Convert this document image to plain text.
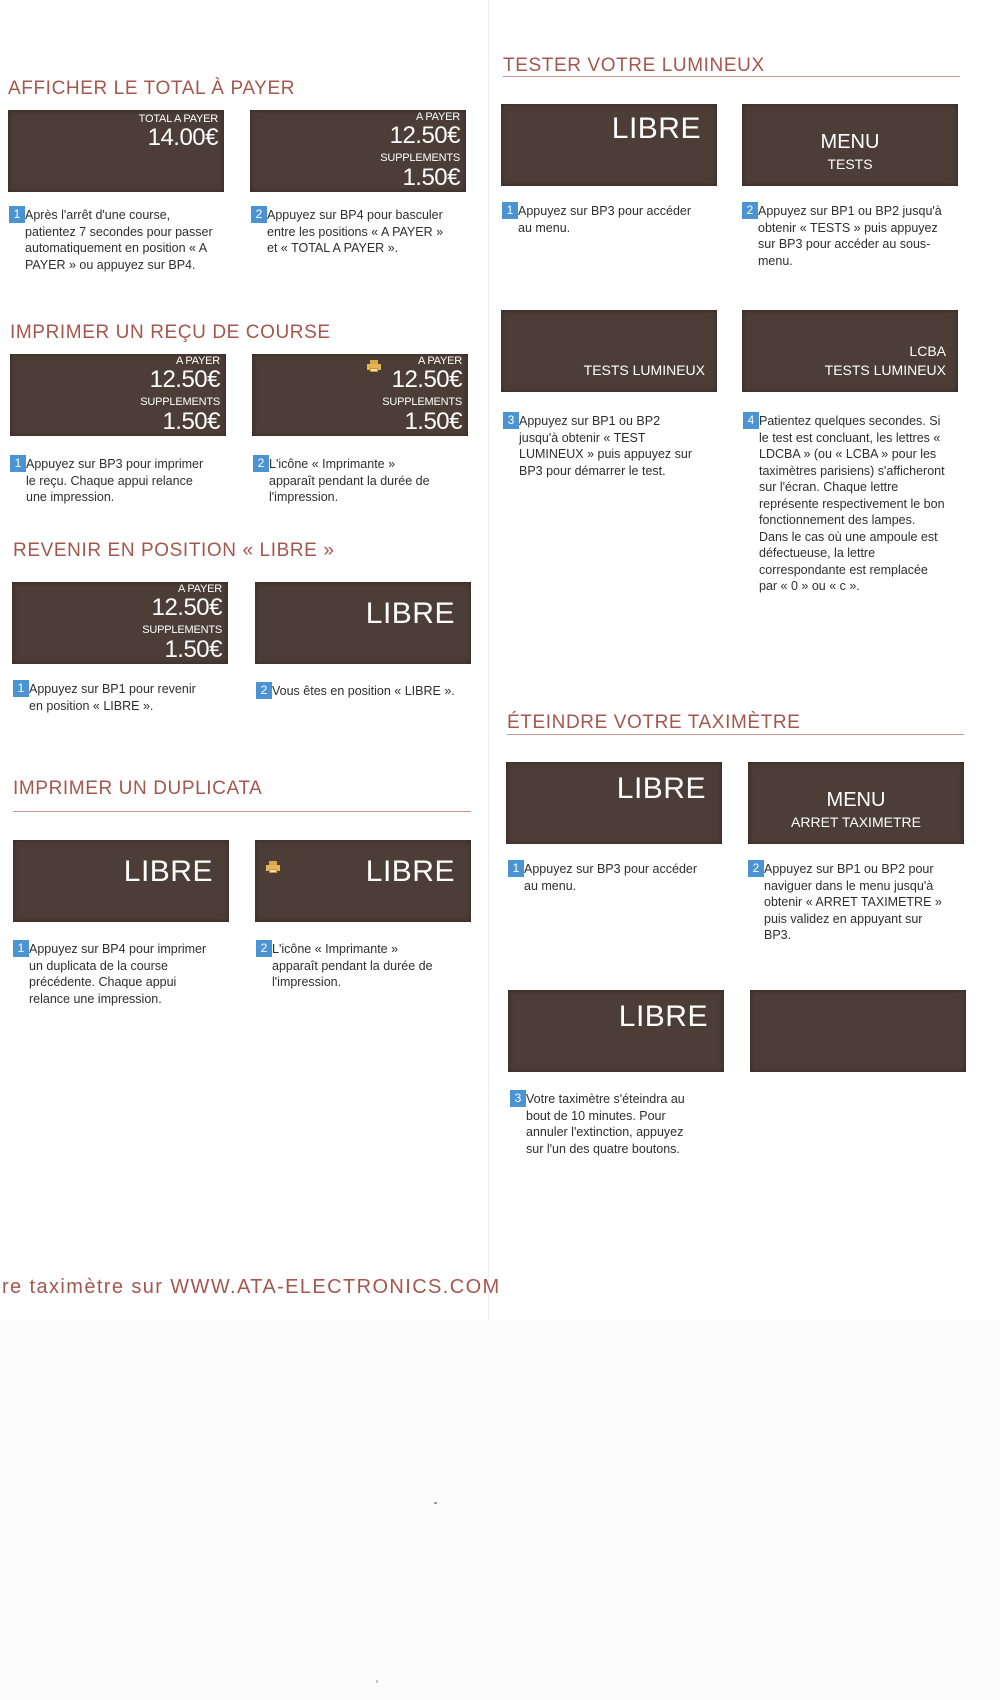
AFFICHER LE TOTAL À PAYER
TOTAL A PAYER
14.00€
A PAYER
12.50€
SUPPLEMENTS
1.50€
1 Après l'arrêt d'une course, patientez 7 secondes pour passer automatiquement en position « A PAYER » ou appuyez sur BP4.

2 Appuyez sur BP4 pour basculer entre les positions « A PAYER » et « TOTAL A PAYER ».

IMPRIMER UN REÇU DE COURSE
A PAYER
12.50€
SUPPLEMENTS
1.50€
A PAYER
12.50€
SUPPLEMENTS
1.50€
1 Appuyez sur BP3 pour imprimer le reçu. Chaque appui relance une impression.

2 L'icône « Imprimante » apparaît pendant la durée de l'impression.

REVENIR EN POSITION « LIBRE »
A PAYER
12.50€
SUPPLEMENTS
1.50€
LIBRE
1 Appuyez sur BP1 pour revenir en position « LIBRE ».

2 Vous êtes en position « LIBRE ».

IMPRIMER UN DUPLICATA
LIBRE	LIBRE
1 Appuyez sur BP4 pour imprimer un duplicata de la course précédente. Chaque appui relance une impression.

2 L'icône « Imprimante » apparaît pendant la durée de l'impression.

TESTER VOTRE LUMINEUX
LIBRE	MENU
TESTS
1 Appuyez sur BP3 pour accéder au menu.

2 Appuyez sur BP1 ou BP2 jusqu'à obtenir « TESTS » puis appuyez sur BP3 pour accéder au sous-menu.

TESTS LUMINEUX
LCBA
TESTS LUMINEUX
3 Appuyez sur BP1 ou BP2 jusqu'à obtenir « TEST LUMINEUX » puis appuyez sur BP3 pour démarrer le test.

4 Patientez quelques secondes. Si le test est concluant, les lettres « LDCBA » (ou « LCBA » pour les taximètres parisiens) s'afficheront sur l'écran. Chaque lettre représente respectivement le bon fonctionnement des lampes.

Dans le cas où une ampoule est défectueuse, la lettre correspondante est remplacée par « 0 » ou « c ».

ÉTEINDRE VOTRE TAXIMÈTRE
LIBRE	MENU
ARRET TAXIMETRE
1 Appuyez sur BP3 pour accéder au menu.

2 Appuyez sur BP1 ou BP2 pour naviguer dans le menu jusqu'à obtenir « ARRET TAXIMETRE » puis validez en appuyant sur BP3.

LIBRE
3 Votre taximètre s'éteindra au bout de 10 minutes. Pour annuler l'extinction, appuyez sur l'un des quatre boutons.

re taximètre sur WWW.ATA-ELECTRONICS.COM
